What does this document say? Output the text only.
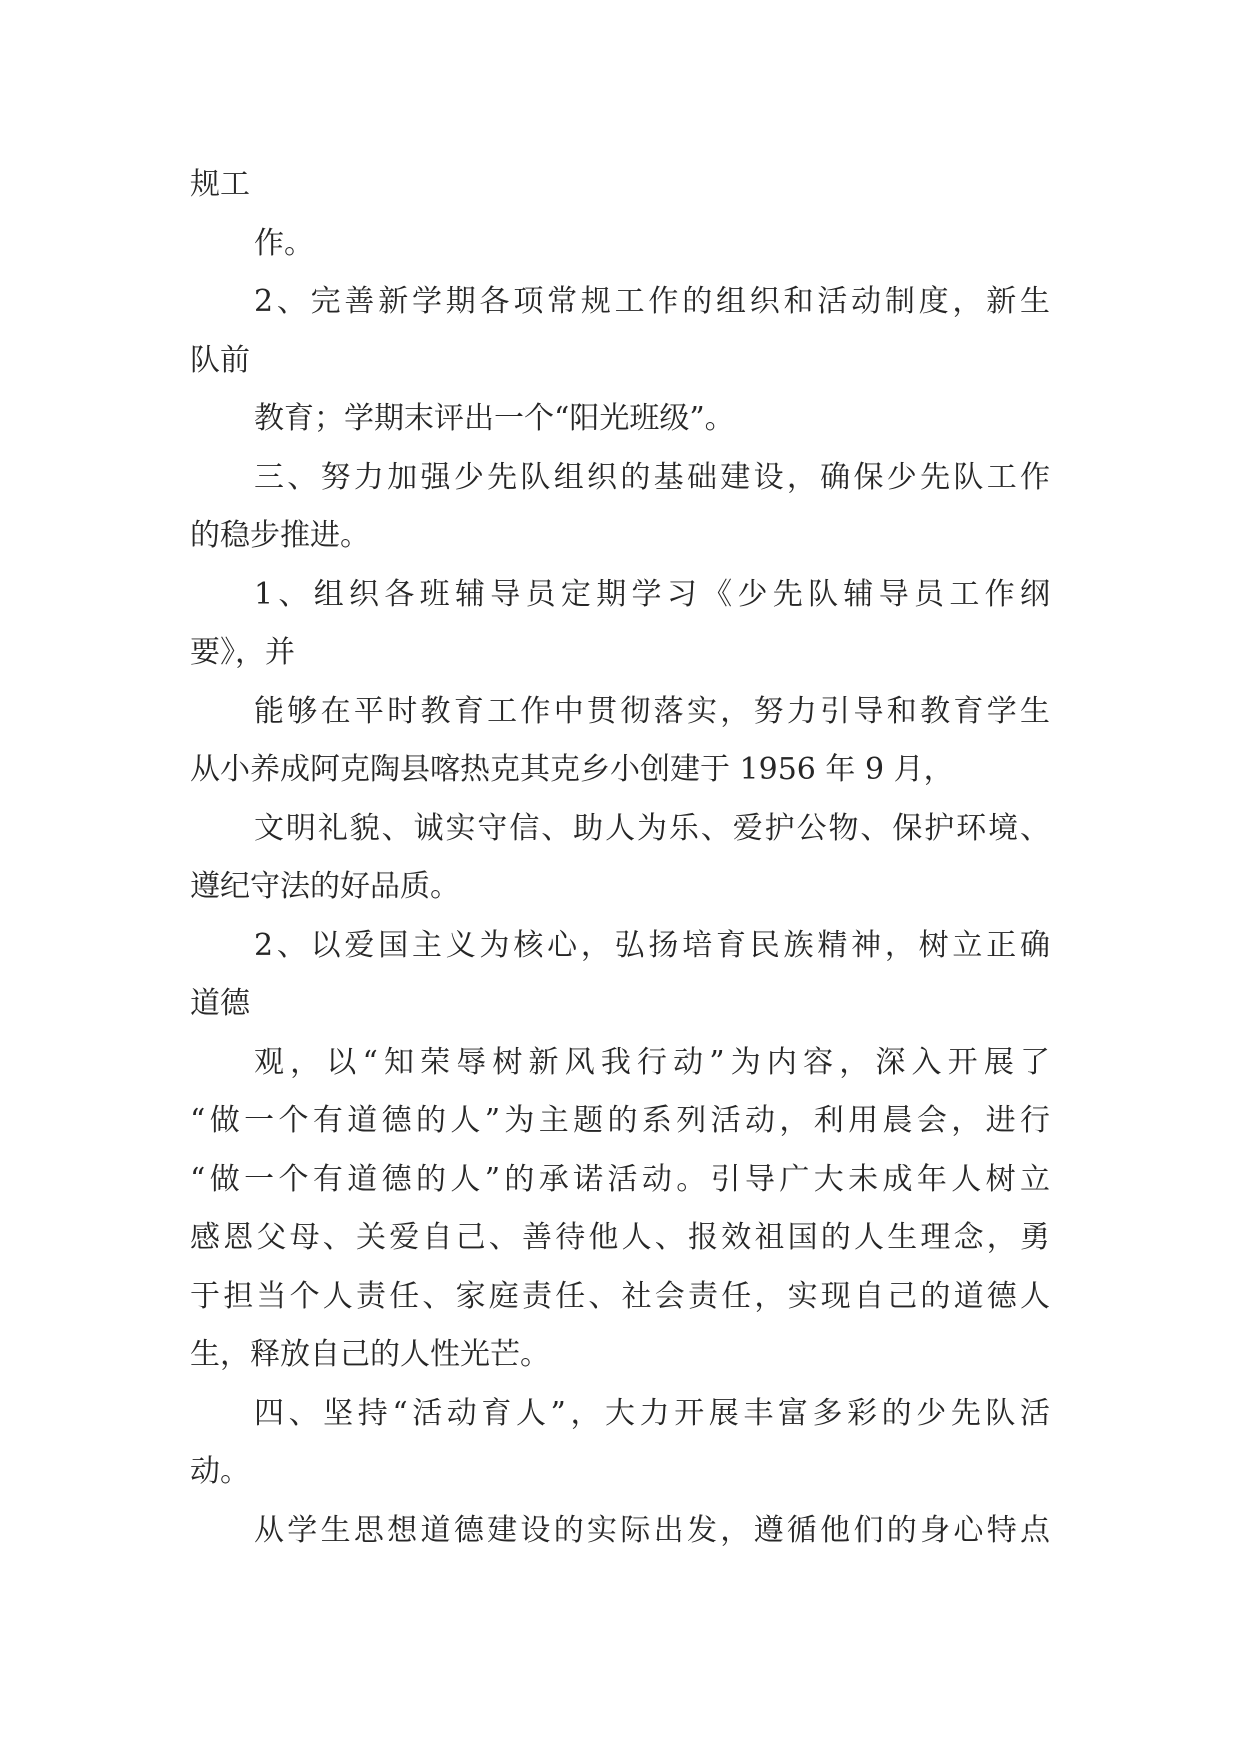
规工
作。
2、完善新学期各项常规工作的组织和活动制度，新生
队前
教育；学期末评出一个“阳光班级”。
三、努力加强少先队组织的基础建设，确保少先队工作
的稳步推进。
1、组织各班辅导员定期学习《少先队辅导员工作纲
要》，并
能够在平时教育工作中贯彻落实，努力引导和教育学生
从小养成阿克陶县喀热克其克乡小创建于 1956 年 9 月，
文明礼貌、诚实守信、助人为乐、爱护公物、保护环境、
遵纪守法的好品质。
2、以爱国主义为核心，弘扬培育民族精神，树立正确
道德
观，以“知荣辱树新风我行动”为内容，深入开展了
“做一个有道德的人”为主题的系列活动，利用晨会，进行
“做一个有道德的人”的承诺活动。引导广大未成年人树立
感恩父母、关爱自己、善待他人、报效祖国的人生理念，勇
于担当个人责任、家庭责任、社会责任，实现自己的道德人
生，释放自己的人性光芒。
四、坚持“活动育人”，大力开展丰富多彩的少先队活
动。
从学生思想道德建设的实际出发，遵循他们的身心特点
